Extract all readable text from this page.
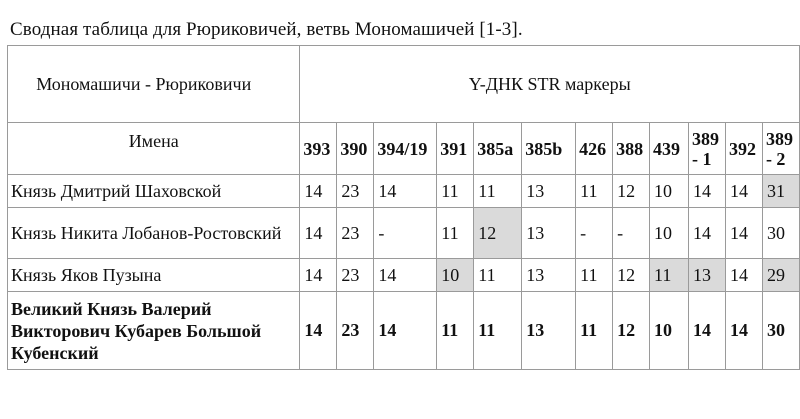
Сводная таблица для Рюриковичей, ветвь Мономашичей [1-3].
Мономашичи - Рюриковичи	Y-ДНК STR маркеры											
Имена	393	390	394/19	391	385a	385b	426	388	439	389 - 1	392	389 - 2
Князь Дмитрий Шаховской	14	23	14	11	11	13	11	12	10	14	14	31
Князь Никита Лобанов-Ростовский	14	23	-	11	12	13	-	-	10	14	14	30
Князь Яков Пузына	14	23	14	10	11	13	11	12	11	13	14	29
Великий Князь Валерий Викторович Кубарев Большой Кубенский	14	23	14	11	11	13	11	12	10	14	14	30
